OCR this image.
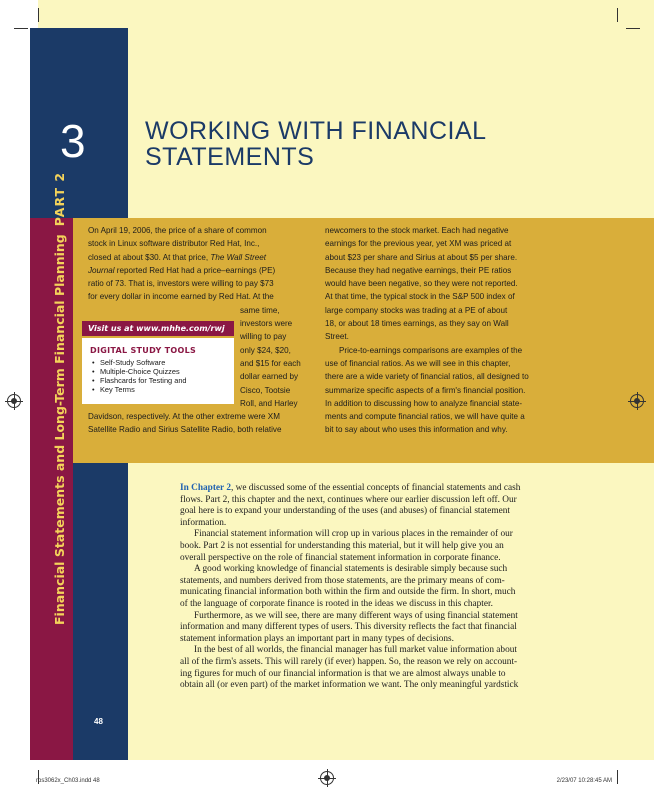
3 WORKING WITH FINANCIAL
STATEMENTS
Financial Statements and Long-Term Financial PlanningPART 2
On April 19, 2006, the price of a share of common
stock in Linux software distributor Red Hat, Inc.,
closed at about $30. At that price, The Wall Street
Journal reported Red Hat had a price–earnings (PE)
ratio of 73. That is, investors were willing to pay $73
for every dollar in income earned by Red Hat. At the
same time,
investors were
willing to pay
only $24, $20,
and $15 for each
dollar earned by
Cisco, Tootsie
Roll, and Harley
Davidson, respectively. At the other extreme were XM
Satellite Radio and Sirius Satellite Radio, both relative
Visit us at www.mhhe.com/rwj
DIGITAL STUDY TOOLS
• Self-Study Software
• Multiple-Choice Quizzes
• Flashcards for Testing and
• Key Terms
newcomers to the stock market. Each had negative
earnings for the previous year, yet XM was priced at
about $23 per share and Sirius at about $5 per share.
Because they had negative earnings, their PE ratios
would have been negative, so they were not reported.
At that time, the typical stock in the S&P 500 index of
large company stocks was trading at a PE of about
18, or about 18 times earnings, as they say on Wall
Street.
Price-to-earnings comparisons are examples of the
use of financial ratios. As we will see in this chapter,
there are a wide variety of financial ratios, all designed to
summarize specific aspects of a firm's financial position.
In addition to discussing how to analyze financial state-
ments and compute financial ratios, we will have quite a
bit to say about who uses this information and why.
In Chapter 2, we discussed some of the essential concepts of financial statements and cash
flows. Part 2, this chapter and the next, continues where our earlier discussion left off. Our
goal here is to expand your understanding of the uses (and abuses) of financial statement
information.
Financial statement information will crop up in various places in the remainder of our
book. Part 2 is not essential for understanding this material, but it will help give you an
overall perspective on the role of financial statement information in corporate finance.
A good working knowledge of financial statements is desirable simply because such
statements, and numbers derived from those statements, are the primary means of com-
municating financial information both within the firm and outside the firm. In short, much
of the language of corporate finance is rooted in the ideas we discuss in this chapter.
Furthermore, as we will see, there are many different ways of using financial statement
information and many different types of users. This diversity reflects the fact that financial
statement information plays an important part in many types of decisions.
In the best of all worlds, the financial manager has full market value information about
all of the firm's assets. This will rarely (if ever) happen. So, the reason we rely on account-
ing figures for much of our financial information is that we are almost always unable to
obtain all (or even part) of the market information we want. The only meaningful yardstick
48
ros3062x_Ch03.indd 48	2/23/07 10:28:45 AM
